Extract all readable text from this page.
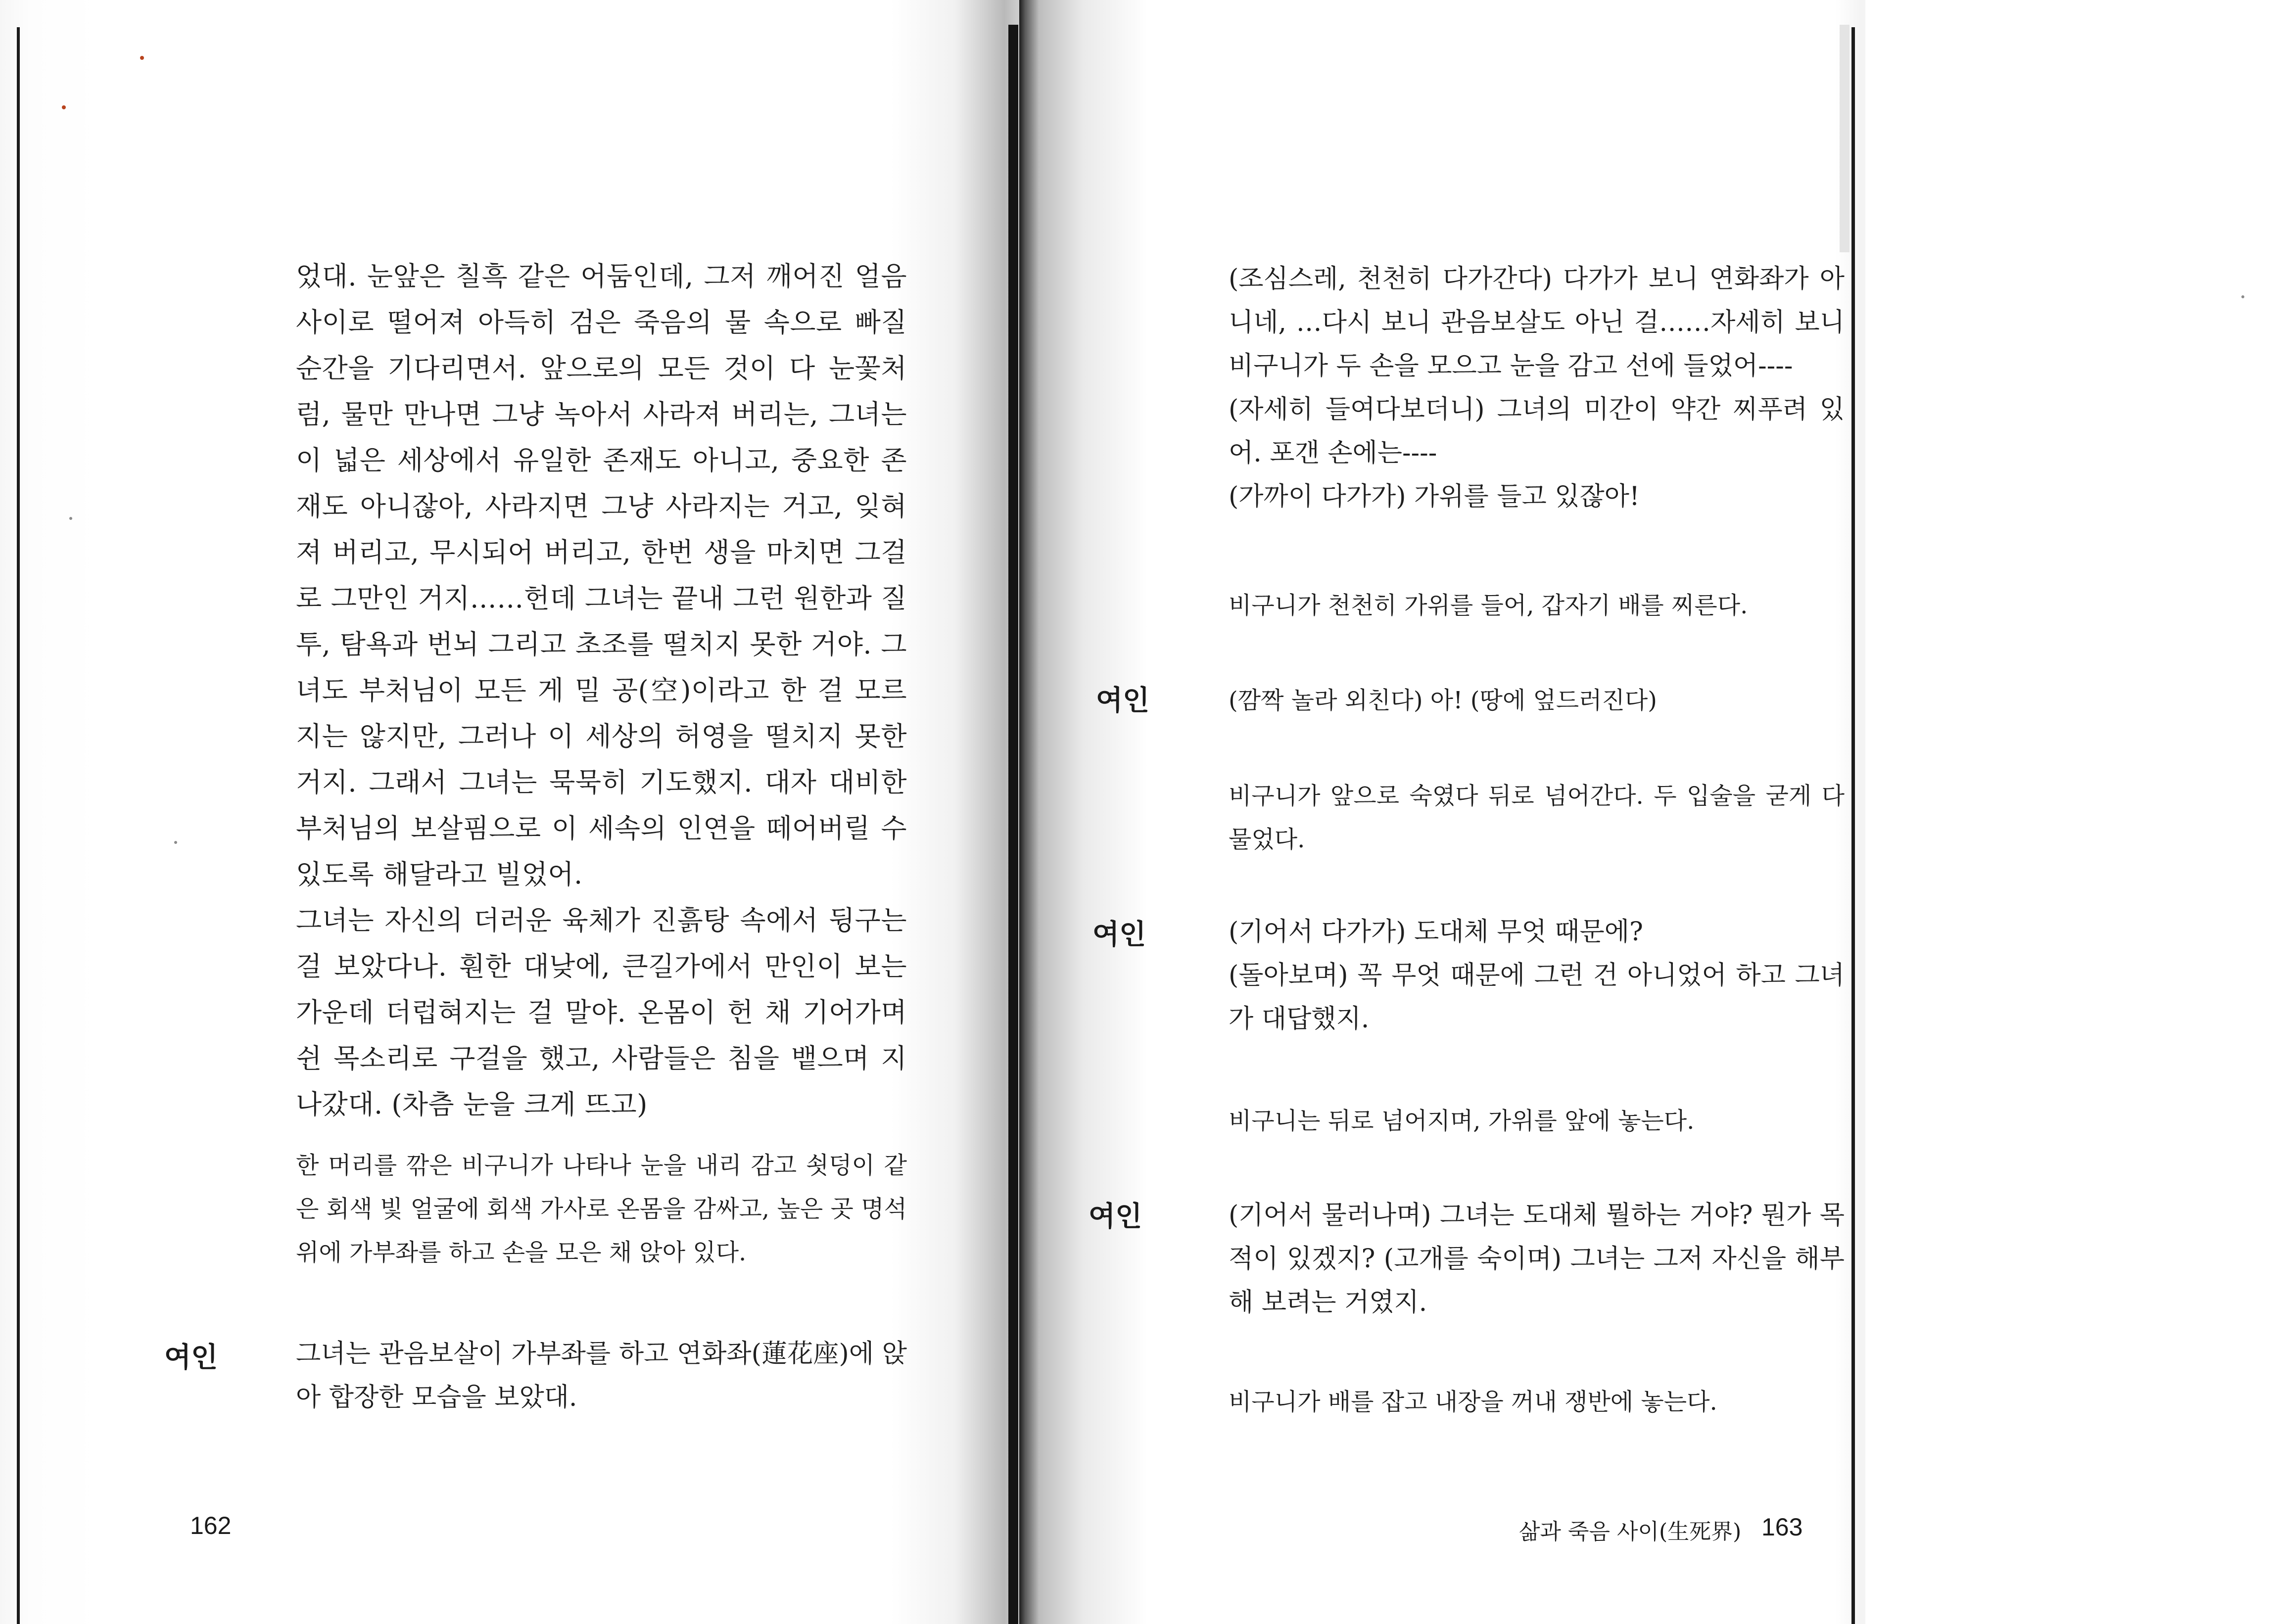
었대. 눈앞은 칠흑 같은 어둠인데, 그저 깨어진 얼음 사이로 떨어져 아득히 검은 죽음의 물 속으로 빠질 순간을 기다리면서. 앞으로의 모든 것이 다 눈꽃처럼, 물만 만나면 그냥 녹아서 사라져 버리는, 그녀는 이 넓은 세상에서 유일한 존재도 아니고, 중요한 존재도 아니잖아, 사라지면 그냥 사라지는 거고, 잊혀져 버리고, 무시되어 버리고, 한번 생을 마치면 그걸로 그만인 거지……헌데 그녀는 끝내 그런 원한과 질투, 탐욕과 번뇌 그리고 초조를 떨치지 못한 거야. 그녀도 부처님이 모든 게 밀 공(空)이라고 한 걸 모르지는 않지만, 그러나 이 세상의 허영을 떨치지 못한 거지. 그래서 그녀는 묵묵히 기도했지. 대자 대비한 부처님의 보살핌으로 이 세속의 인연을 떼어버릴 수 있도록 해달라고 빌었어.

그녀는 자신의 더러운 육체가 진흙탕 속에서 뒹구는 걸 보았다나. 훤한 대낮에, 큰길가에서 만인이 보는 가운데 더럽혀지는 걸 말야. 온몸이 헌 채 기어가며 쉰 목소리로 구걸을 했고, 사람들은 침을 뱉으며 지나갔대. (차츰 눈을 크게 뜨고)

한 머리를 깎은 비구니가 나타나 눈을 내리 감고 쇳덩이 같은 회색 빛 얼굴에 회색 가사로 온몸을 감싸고, 높은 곳 명석 위에 가부좌를 하고 손을 모은 채 앉아 있다.

여인	그녀는 관음보살이 가부좌를 하고 연화좌(蓮花座)에 앉아 합장한 모습을 보았대.

162

(조심스레, 천천히 다가간다) 다가가 보니 연화좌가 아니네, …다시 보니 관음보살도 아닌 걸……자세히 보니 비구니가 두 손을 모으고 눈을 감고 선에 들었어----

(자세히 들여다보더니) 그녀의 미간이 약간 찌푸려 있어. 포갠 손에는----

(가까이 다가가) 가위를 들고 있잖아!

비구니가 천천히 가위를 들어, 갑자기 배를 찌른다.

여인	(깜짝 놀라 외친다) 아! (땅에 엎드러진다)

비구니가 앞으로 숙였다 뒤로 넘어간다. 두 입술을 굳게 다물었다.

여인	(기어서 다가가) 도대체 무엇 때문에?

(돌아보며) 꼭 무엇 때문에 그런 건 아니었어 하고 그녀가 대답했지.

비구니는 뒤로 넘어지며, 가위를 앞에 놓는다.

여인	(기어서 물러나며) 그녀는 도대체 뭘하는 거야? 뭔가 목적이 있겠지? (고개를 숙이며) 그녀는 그저 자신을 해부해 보려는 거였지.

비구니가 배를 잡고 내장을 꺼내 쟁반에 놓는다.

삶과 죽음 사이(生死界) 163
